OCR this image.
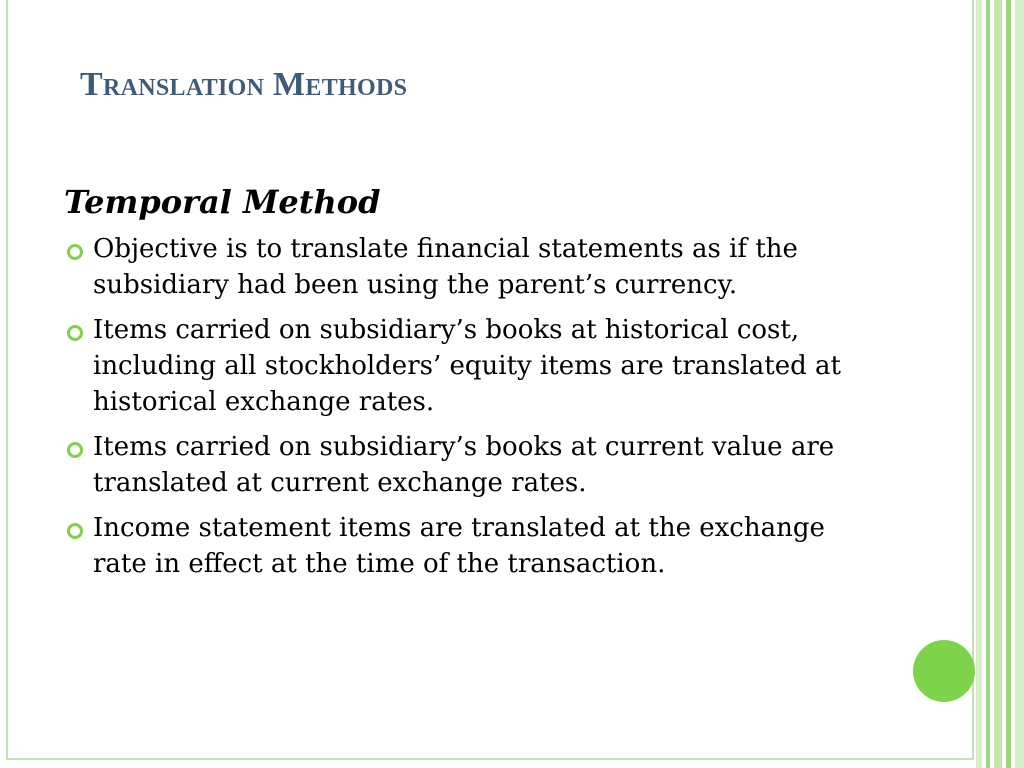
Translation Methods
Temporal Method
Objective is to translate financial statements as if the subsidiary had been using the parent’s currency.
Items carried on subsidiary’s books at historical cost, including all stockholders’ equity items are translated at historical exchange rates.
Items carried on subsidiary’s books at current value are translated at current exchange rates.
Income statement items are translated at the exchange rate in effect at the time of the transaction.
